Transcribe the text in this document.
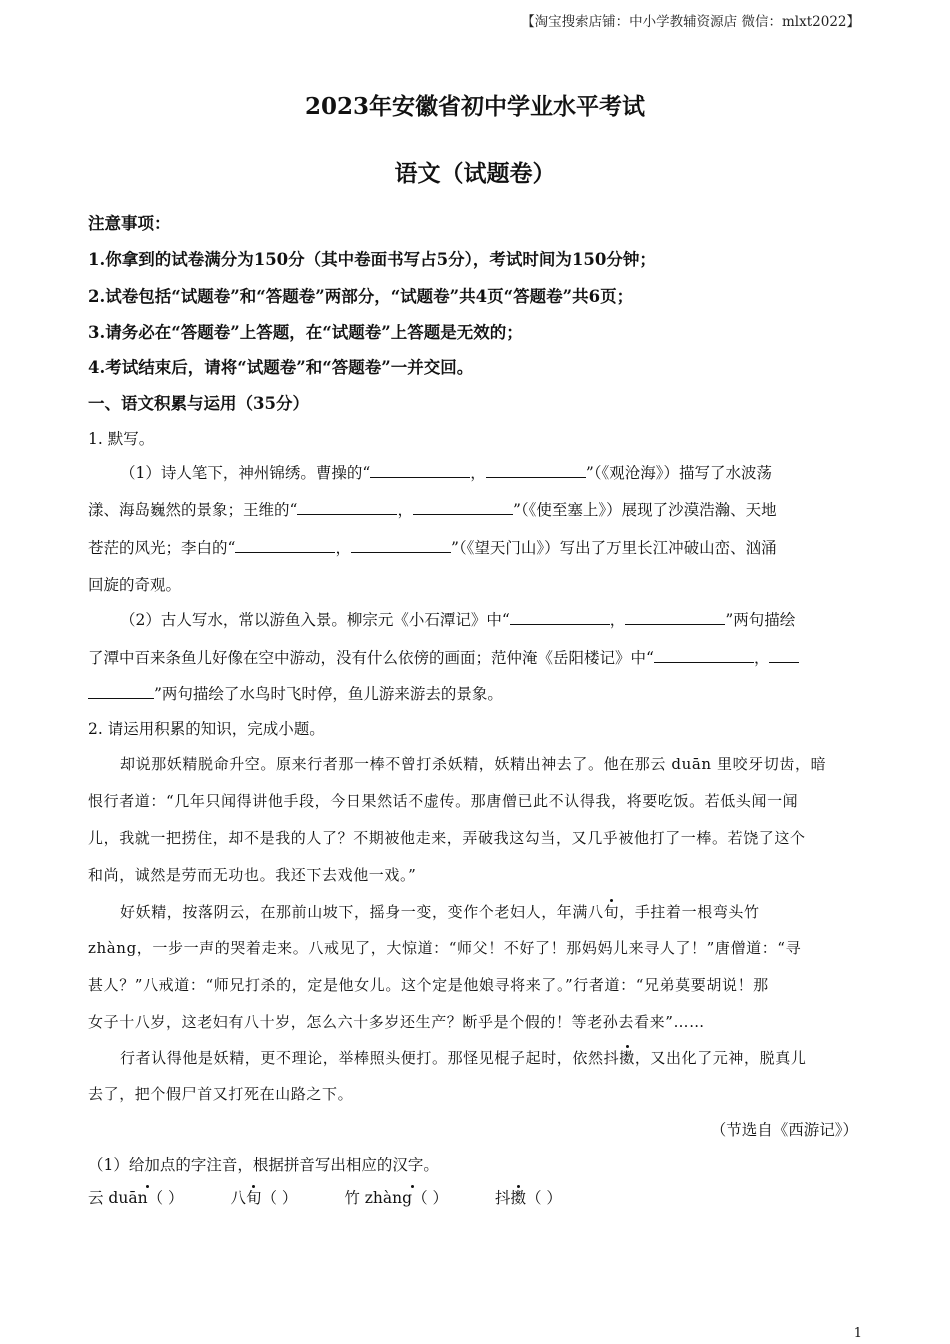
【淘宝搜索店铺：中小学教辅资源店 微信：mlxt2022】
2023年安徽省初中学业水平考试
语文（试题卷）
注意事项：
1.你拿到的试卷满分为150分（其中卷面书写占5分），考试时间为150分钟；
2.试卷包括“试题卷”和“答题卷”两部分，“试题卷”共4页“答题卷”共6页；
3.请务必在“答题卷”上答题，在“试题卷”上答题是无效的；
4.考试结束后，请将“试题卷”和“答题卷”一并交回。
一、语文积累与运用（35分）
1. 默写。
（1）诗人笔下，神州锦绣。曹操的“	，	”（《观沧海》）描写了水波荡
漾、海岛巍然的景象；王维的“	，	”（《使至塞上》）展现了沙漠浩瀚、天地
苍茫的风光；李白的“	，	”（《望天门山》）写出了万里长江冲破山峦、汹涌
回旋的奇观。
（2）古人写水，常以游鱼入景。柳宗元《小石潭记》中“	，	”两句描绘
了潭中百来条鱼儿好像在空中游动，没有什么依傍的画面；范仲淹《岳阳楼记》中“	，
”两句描绘了水鸟时飞时停，鱼儿游来游去的景象。
2. 请运用积累的知识，完成小题。
却说那妖精脱命升空。原来行者那一棒不曾打杀妖精，妖精出神去了。他在那云 duān 里咬牙切齿，暗
恨行者道：“几年只闻得讲他手段，今日果然话不虚传。那唐僧已此不认得我，将要吃饭。若低头闻一闻
儿，我就一把捞住，却不是我的人了？不期被他走来，弄破我这勾当，又几乎被他打了一棒。若饶了这个
和尚，诚然是劳而无功也。我还下去戏他一戏。”
好妖精，按落阴云，在那前山坡下，摇身一变，变作个老妇人，年满八旬，手拄着一根弯头竹
zhàng，一步一声的哭着走来。八戒见了，大惊道：“师父！不好了！那妈妈儿来寻人了！”唐僧道：“寻
甚人？”八戒道：“师兄打杀的，定是他女儿。这个定是他娘寻将来了。”行者道：“兄弟莫要胡说！那
女子十八岁，这老妇有八十岁，怎么六十多岁还生产？断乎是个假的！等老孙去看来”……
行者认得他是妖精，更不理论，举棒照头便打。那怪见棍子起时，依然抖擞，又出化了元神，脱真儿
去了，把个假尸首又打死在山路之下。
（节选自《西游记》）
（1）给加点的字注音，根据拼音写出相应的汉字。
云 duān（ ）	八旬（ ）	竹 zhàng（ ）	抖擞（ ）
1
